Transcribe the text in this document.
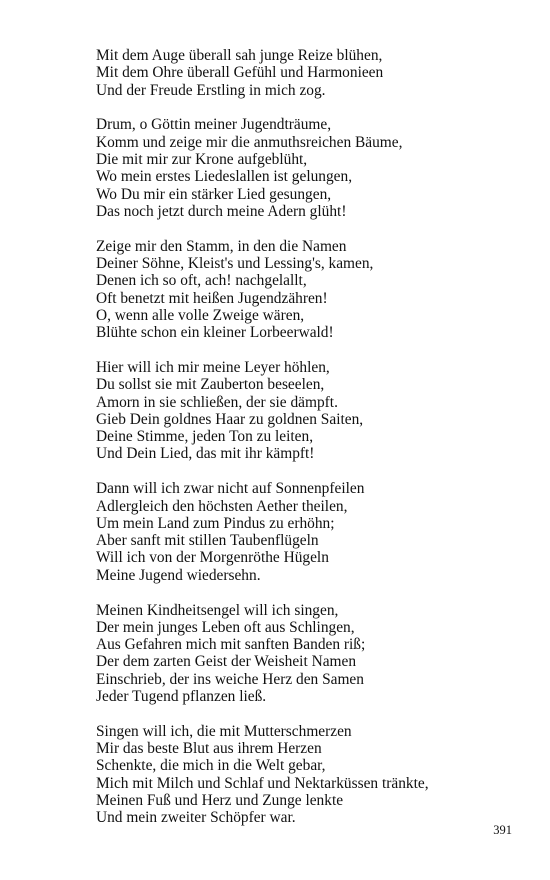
Mit dem Auge überall sah junge Reize blühen,
Mit dem Ohre überall Gefühl und Harmonieen
Und der Freude Erstling in mich zog.
Drum, o Göttin meiner Jugendträume,
Komm und zeige mir die anmuthsreichen Bäume,
Die mit mir zur Krone aufgeblüht,
Wo mein erstes Liedeslallen ist gelungen,
Wo Du mir ein stärker Lied gesungen,
Das noch jetzt durch meine Adern glüht!
Zeige mir den Stamm, in den die Namen
Deiner Söhne, Kleist's und Lessing's, kamen,
Denen ich so oft, ach! nachgelallt,
Oft benetzt mit heißen Jugendzähren!
O, wenn alle volle Zweige wären,
Blühte schon ein kleiner Lorbeerwald!
Hier will ich mir meine Leyer höhlen,
Du sollst sie mit Zauberton beseelen,
Amorn in sie schließen, der sie dämpft.
Gieb Dein goldnes Haar zu goldnen Saiten,
Deine Stimme, jeden Ton zu leiten,
Und Dein Lied, das mit ihr kämpft!
Dann will ich zwar nicht auf Sonnenpfeilen
Adlergleich den höchsten Aether theilen,
Um mein Land zum Pindus zu erhöhn;
Aber sanft mit stillen Taubenflügeln
Will ich von der Morgenröthe Hügeln
Meine Jugend wiedersehn.
Meinen Kindheitsengel will ich singen,
Der mein junges Leben oft aus Schlingen,
Aus Gefahren mich mit sanften Banden riß;
Der dem zarten Geist der Weisheit Namen
Einschrieb, der ins weiche Herz den Samen
Jeder Tugend pflanzen ließ.
Singen will ich, die mit Mutterschmerzen
Mir das beste Blut aus ihrem Herzen
Schenkte, die mich in die Welt gebar,
Mich mit Milch und Schlaf und Nektarküssen tränkte,
Meinen Fuß und Herz und Zunge lenkte
Und mein zweiter Schöpfer war.
391
